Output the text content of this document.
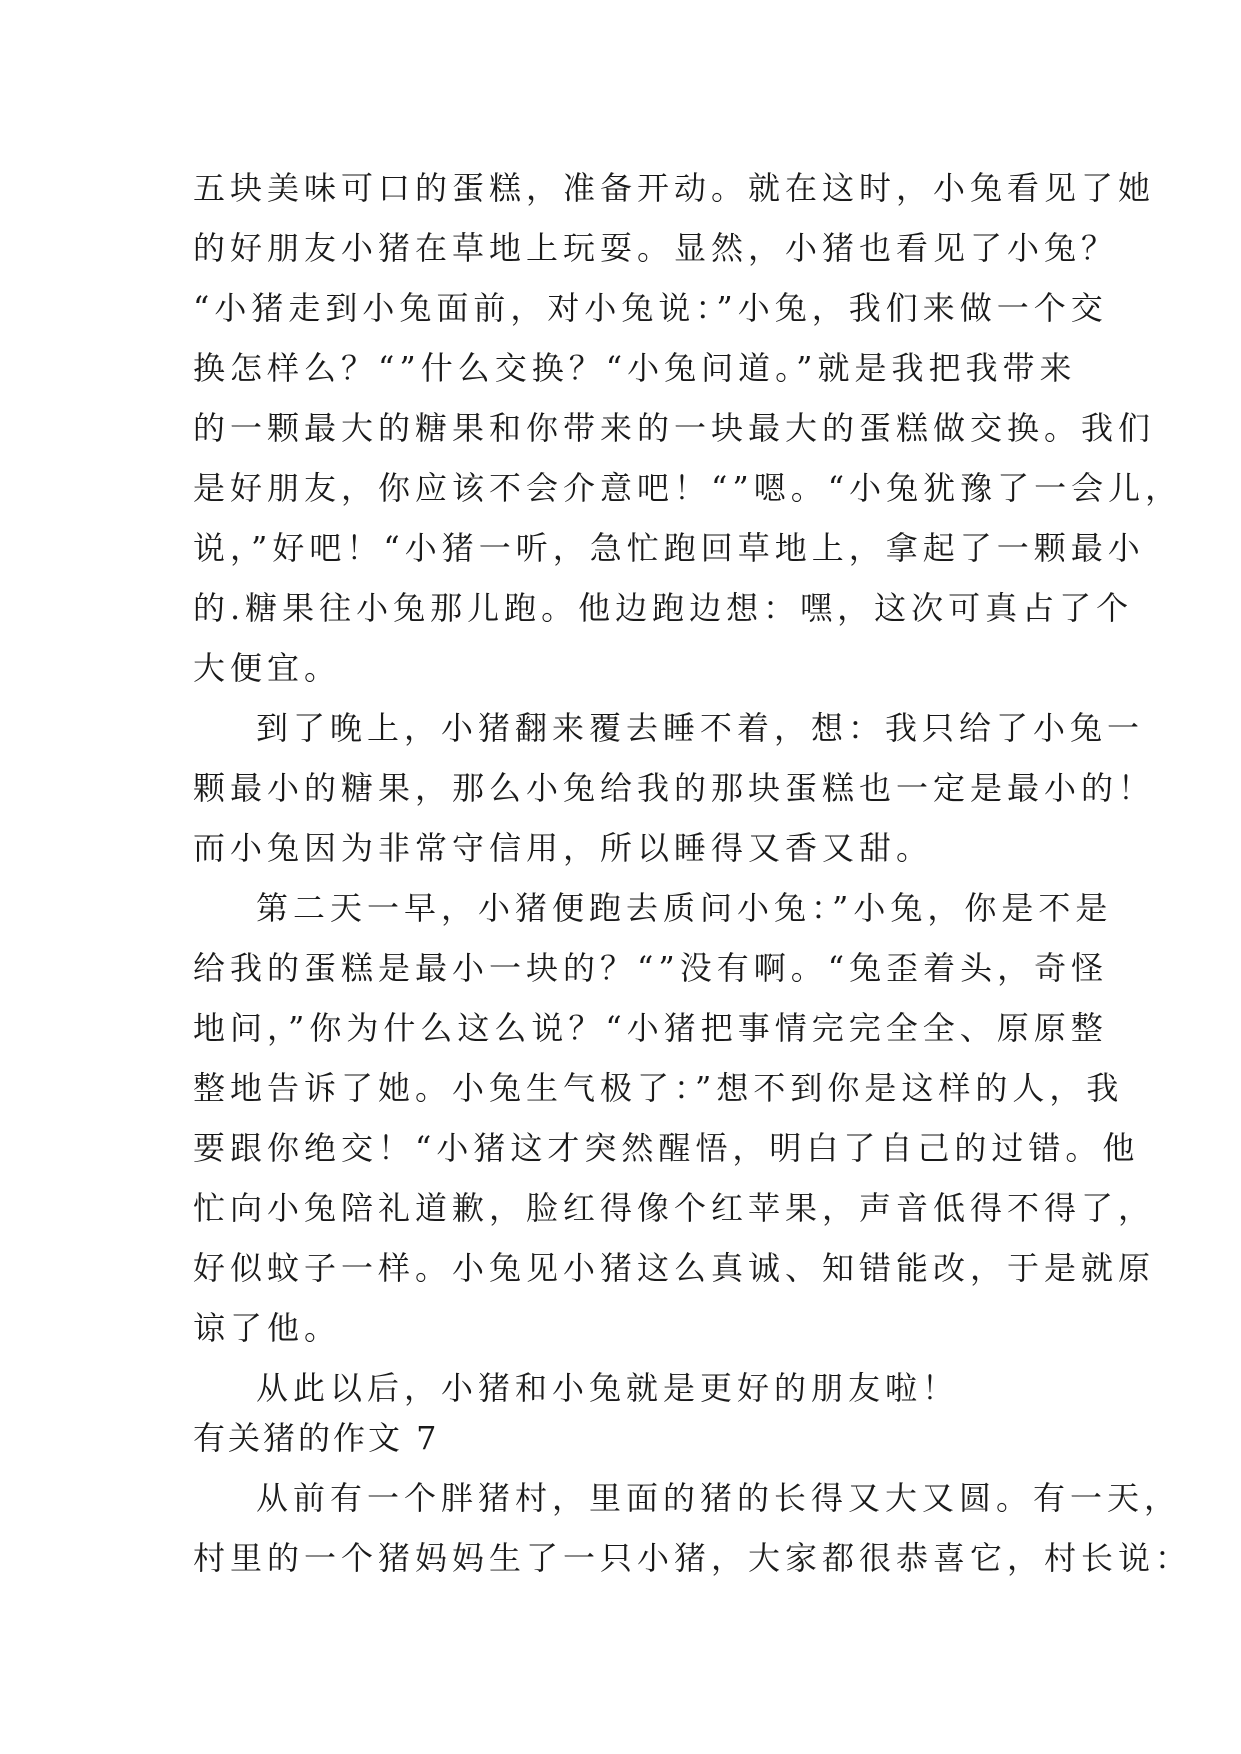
五块美味可口的蛋糕，准备开动。就在这时，小兔看见了她
的好朋友小猪在草地上玩耍。显然，小猪也看见了小兔？
“小猪走到小兔面前，对小兔说：”小兔，我们来做一个交
换怎样么？“”什么交换？“小兔问道。”就是我把我带来
的一颗最大的糖果和你带来的一块最大的蛋糕做交换。我们
是好朋友，你应该不会介意吧！“”嗯。“小兔犹豫了一会儿，
说，”好吧！“小猪一听，急忙跑回草地上，拿起了一颗最小
的.糖果往小兔那儿跑。他边跑边想：嘿，这次可真占了个
大便宜。
到了晚上，小猪翻来覆去睡不着，想：我只给了小兔一
颗最小的糖果，那么小兔给我的那块蛋糕也一定是最小的！
而小兔因为非常守信用，所以睡得又香又甜。
第二天一早，小猪便跑去质问小兔：”小兔，你是不是
给我的蛋糕是最小一块的？“”没有啊。“兔歪着头，奇怪
地问，”你为什么这么说？“小猪把事情完完全全、原原整
整地告诉了她。小兔生气极了：”想不到你是这样的人，我
要跟你绝交！“小猪这才突然醒悟，明白了自己的过错。他
忙向小兔陪礼道歉，脸红得像个红苹果，声音低得不得了，
好似蚊子一样。小兔见小猪这么真诚、知错能改，于是就原
谅了他。
从此以后，小猪和小兔就是更好的朋友啦！
有关猪的作文 7
从前有一个胖猪村，里面的猪的长得又大又圆。有一天，
村里的一个猪妈妈生了一只小猪，大家都很恭喜它，村长说：
